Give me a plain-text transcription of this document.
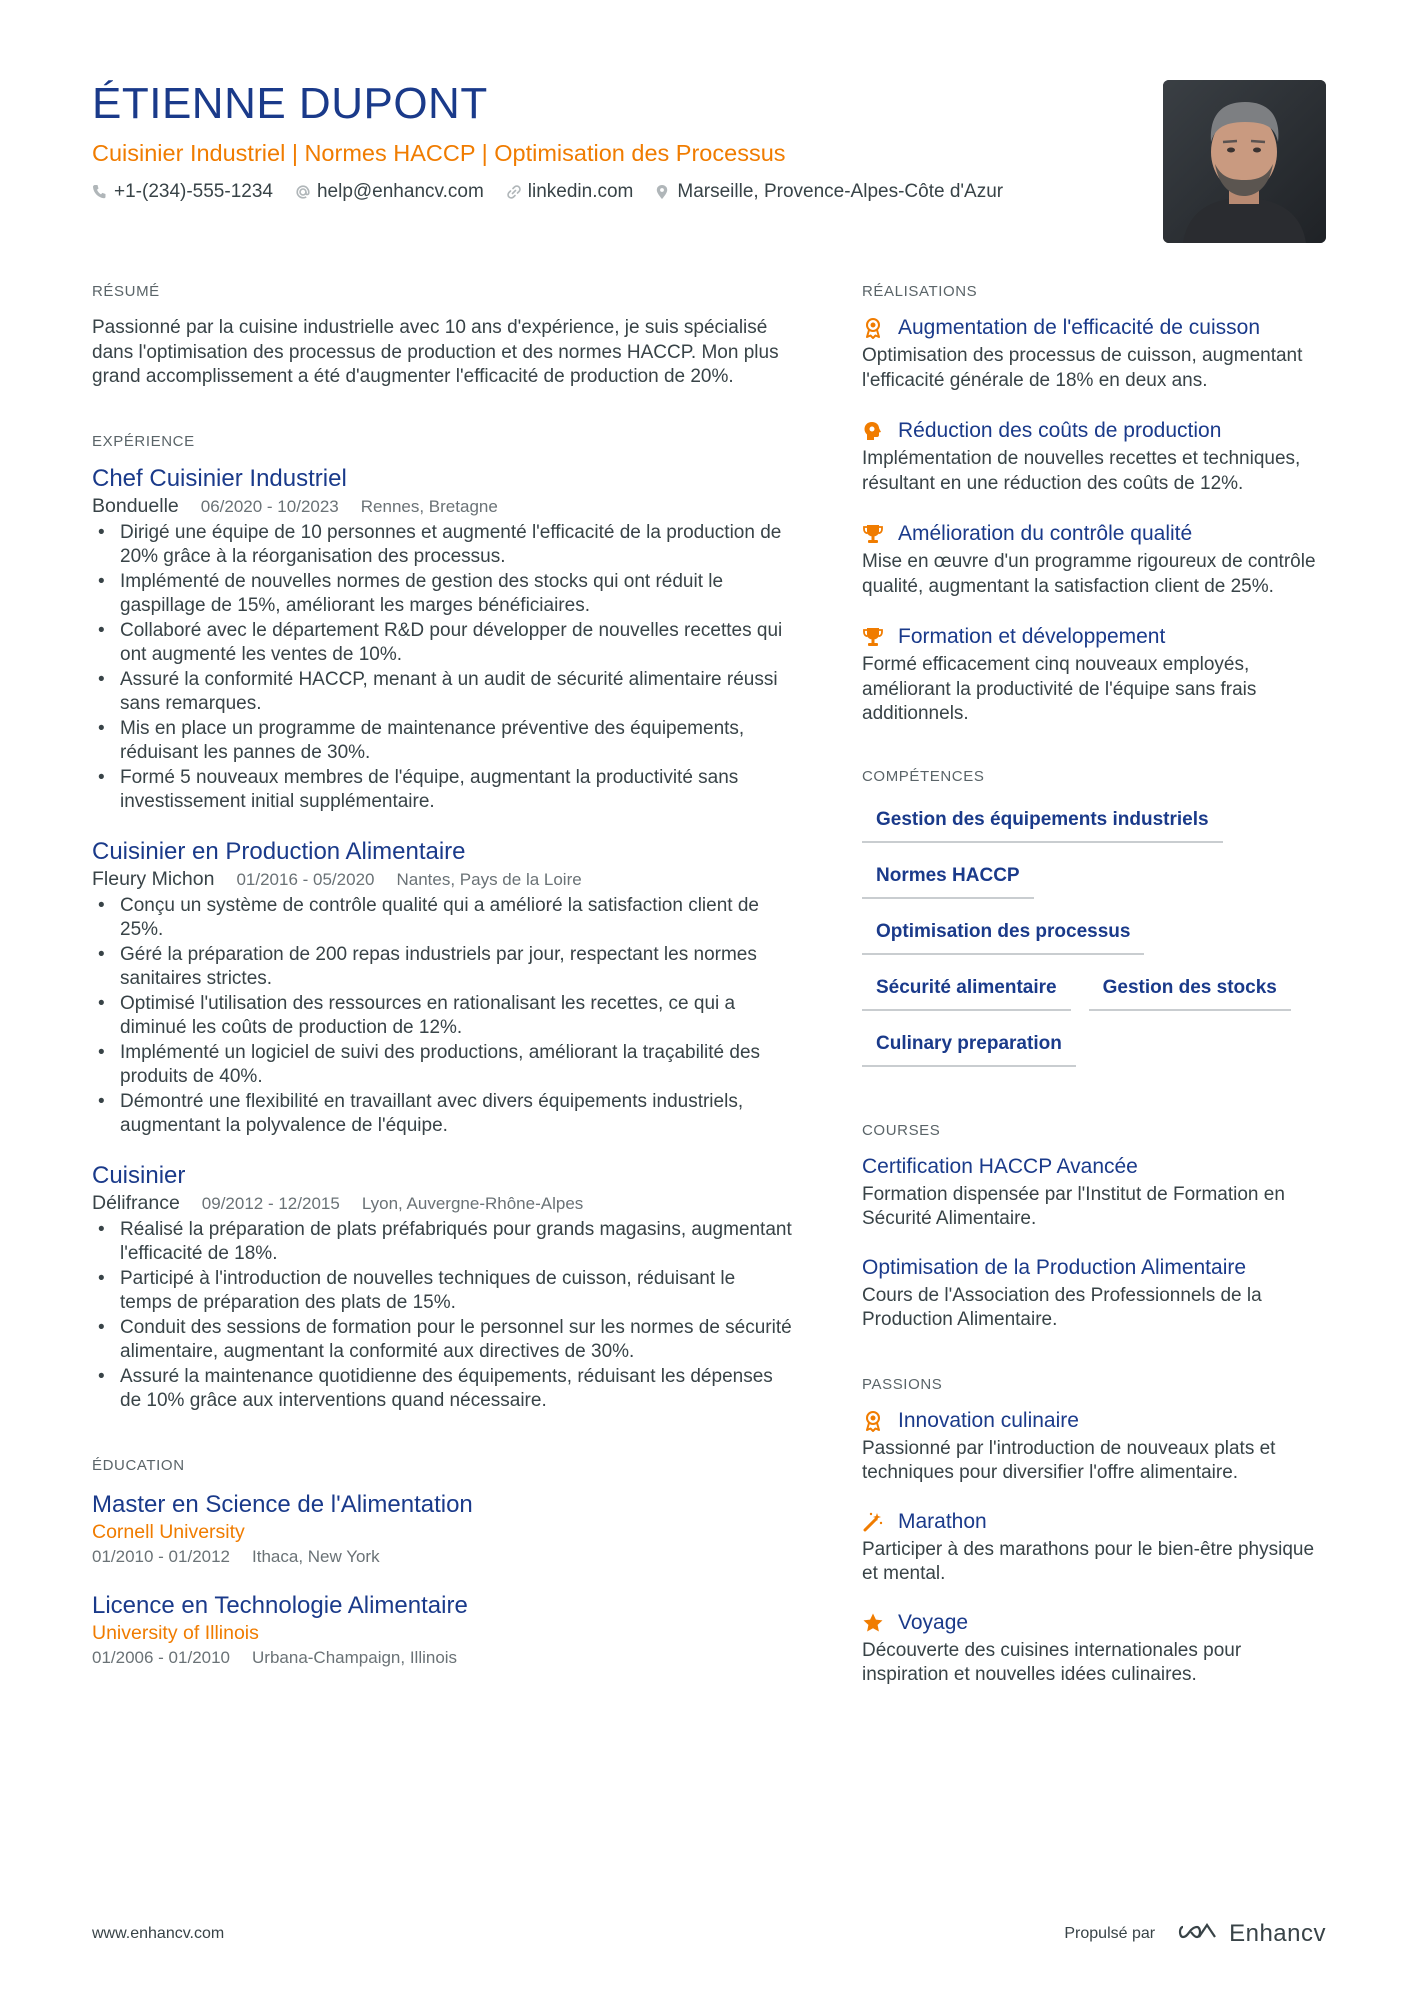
ÉTIENNE DUPONT
Cuisinier Industriel | Normes HACCP | Optimisation des Processus
+1-(234)-555-1234 help@enhancv.com linkedin.com Marseille, Provence-Alpes-Côte d'Azur
RÉSUMÉ
Passionné par la cuisine industrielle avec 10 ans d'expérience, je suis spécialisé dans l'optimisation des processus de production et des normes HACCP. Mon plus grand accomplissement a été d'augmenter l'efficacité de production de 20%.
EXPÉRIENCE
Chef Cuisinier Industriel
Bonduelle 06/2020 - 10/2023 Rennes, Bretagne
• Dirigé une équipe de 10 personnes et augmenté l'efficacité de la production de 20% grâce à la réorganisation des processus.
• Implémenté de nouvelles normes de gestion des stocks qui ont réduit le gaspillage de 15%, améliorant les marges bénéficiaires.
• Collaboré avec le département R&D pour développer de nouvelles recettes qui ont augmenté les ventes de 10%.
• Assuré la conformité HACCP, menant à un audit de sécurité alimentaire réussi sans remarques.
• Mis en place un programme de maintenance préventive des équipements, réduisant les pannes de 30%.
• Formé 5 nouveaux membres de l'équipe, augmentant la productivité sans investissement initial supplémentaire.
Cuisinier en Production Alimentaire
Fleury Michon 01/2016 - 05/2020 Nantes, Pays de la Loire
• Conçu un système de contrôle qualité qui a amélioré la satisfaction client de 25%.
• Géré la préparation de 200 repas industriels par jour, respectant les normes sanitaires strictes.
• Optimisé l'utilisation des ressources en rationalisant les recettes, ce qui a diminué les coûts de production de 12%.
• Implémenté un logiciel de suivi des productions, améliorant la traçabilité des produits de 40%.
• Démontré une flexibilité en travaillant avec divers équipements industriels, augmentant la polyvalence de l'équipe.
Cuisinier
Délifrance 09/2012 - 12/2015 Lyon, Auvergne-Rhône-Alpes
• Réalisé la préparation de plats préfabriqués pour grands magasins, augmentant l'efficacité de 18%.
• Participé à l'introduction de nouvelles techniques de cuisson, réduisant le temps de préparation des plats de 15%.
• Conduit des sessions de formation pour le personnel sur les normes de sécurité alimentaire, augmentant la conformité aux directives de 30%.
• Assuré la maintenance quotidienne des équipements, réduisant les dépenses de 10% grâce aux interventions quand nécessaire.
ÉDUCATION
Master en Science de l'Alimentation
Cornell University
01/2010 - 01/2012 Ithaca, New York
Licence en Technologie Alimentaire
University of Illinois
01/2006 - 01/2010 Urbana-Champaign, Illinois
RÉALISATIONS
Augmentation de l'efficacité de cuisson
Optimisation des processus de cuisson, augmentant l'efficacité générale de 18% en deux ans.
Réduction des coûts de production
Implémentation de nouvelles recettes et techniques, résultant en une réduction des coûts de 12%.
Amélioration du contrôle qualité
Mise en œuvre d'un programme rigoureux de contrôle qualité, augmentant la satisfaction client de 25%.
Formation et développement
Formé efficacement cinq nouveaux employés, améliorant la productivité de l'équipe sans frais additionnels.
COMPÉTENCES
Gestion des équipements industriels
Normes HACCP
Optimisation des processus
Sécurité alimentaire	Gestion des stocks
Culinary preparation
COURSES
Certification HACCP Avancée
Formation dispensée par l'Institut de Formation en Sécurité Alimentaire.
Optimisation de la Production Alimentaire
Cours de l'Association des Professionnels de la Production Alimentaire.
PASSIONS
Innovation culinaire
Passionné par l'introduction de nouveaux plats et techniques pour diversifier l'offre alimentaire.
Marathon
Participer à des marathons pour le bien-être physique et mental.
Voyage
Découverte des cuisines internationales pour inspiration et nouvelles idées culinaires.
www.enhancv.com	Propulsé par	Enhancv
